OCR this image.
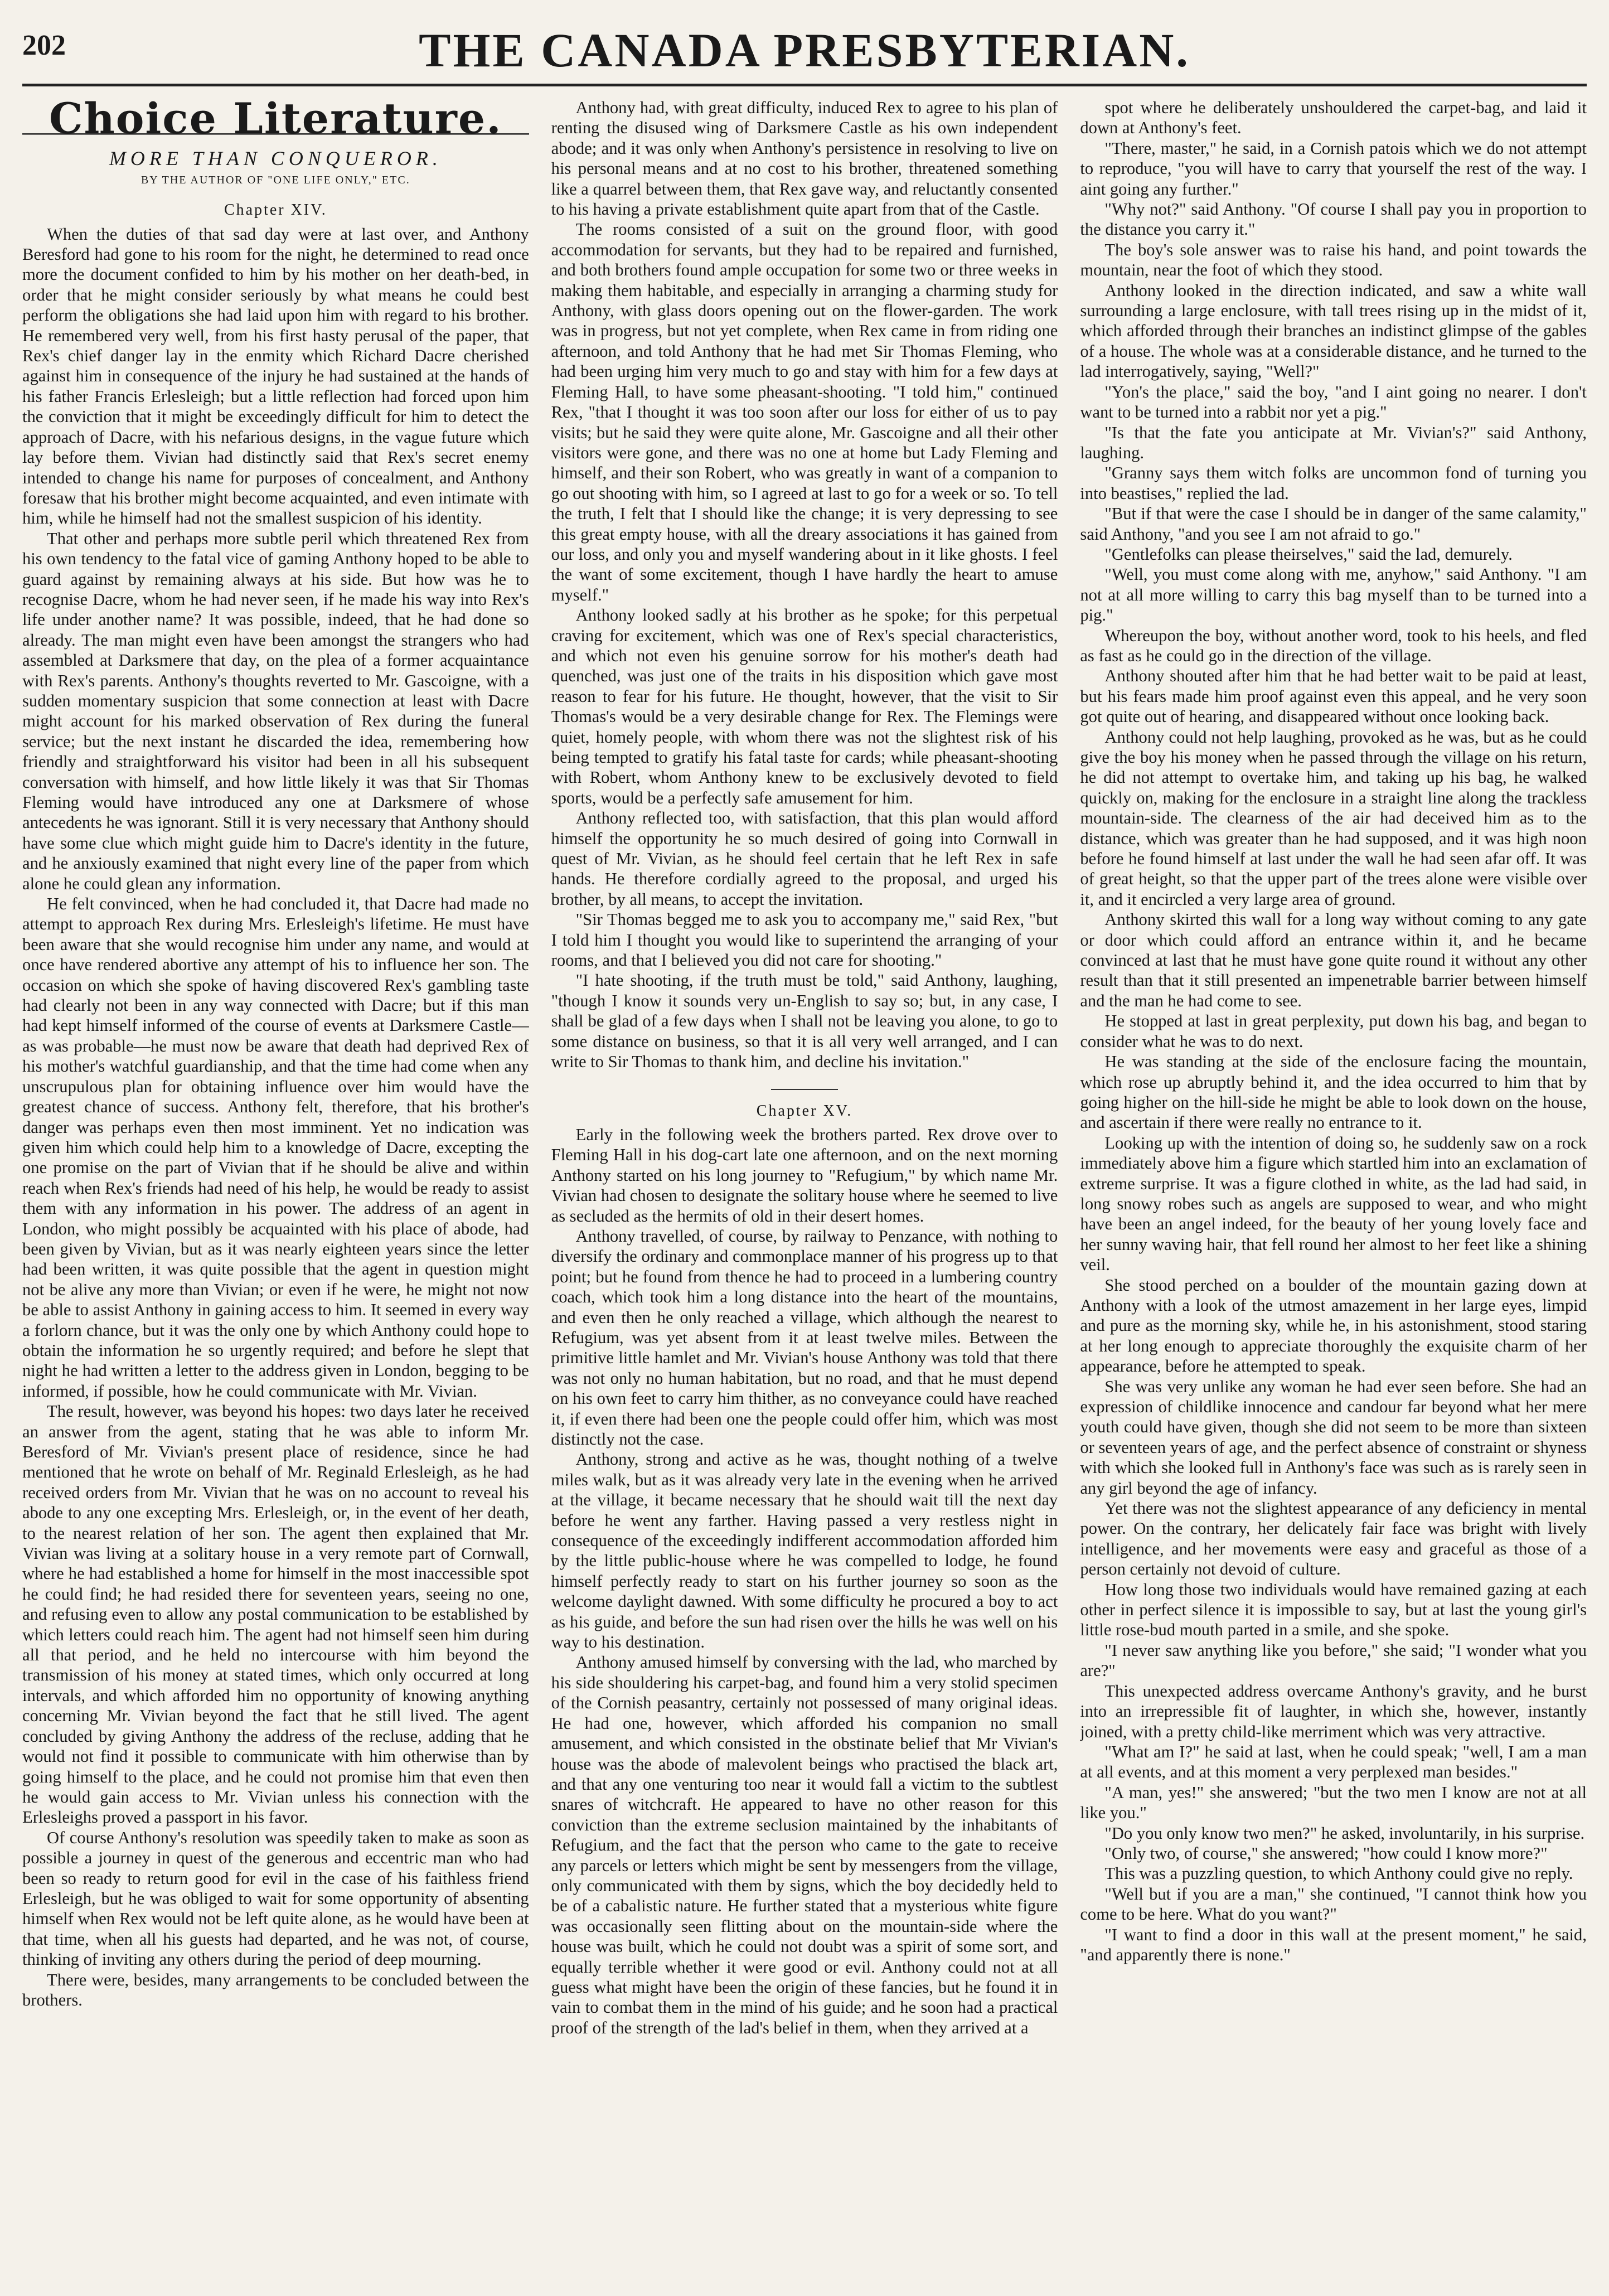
202	THE CANADA PRESBYTERIAN.
Choice Literature.
MORE THAN CONQUEROR.
BY THE AUTHOR OF "ONE LIFE ONLY," ETC.
Chapter XIV.

When the duties of that sad day were at last over, and Anthony Beresford had gone to his room for the night, he determined to read once more the document confided to him by his mother on her death-bed, in order that he might consider seriously by what means he could best perform the obligations she had laid upon him with regard to his brother. He remembered very well, from his first hasty perusal of the paper, that Rex's chief danger lay in the enmity which Richard Dacre cherished against him in consequence of the injury he had sustained at the hands of his father Francis Erlesleigh; but a little reflection had forced upon him the conviction that it might be exceedingly difficult for him to detect the approach of Dacre, with his nefarious designs, in the vague future which lay before them. Vivian had distinctly said that Rex's secret enemy intended to change his name for purposes of concealment, and Anthony foresaw that his brother might become acquainted, and even intimate with him, while he himself had not the smallest suspicion of his identity.

That other and perhaps more subtle peril which threatened Rex from his own tendency to the fatal vice of gaming Anthony hoped to be able to guard against by remaining always at his side. But how was he to recognise Dacre, whom he had never seen, if he made his way into Rex's life under another name? It was possible, indeed, that he had done so already. The man might even have been amongst the strangers who had assembled at Darksmere that day, on the plea of a former acquaintance with Rex's parents. Anthony's thoughts reverted to Mr. Gascoigne, with a sudden momentary suspicion that some connection at least with Dacre might account for his marked observation of Rex during the funeral service; but the next instant he discarded the idea, remembering how friendly and straightforward his visitor had been in all his subsequent conversation with himself, and how little likely it was that Sir Thomas Fleming would have introduced any one at Darksmere of whose antecedents he was ignorant. Still it is very necessary that Anthony should have some clue which might guide him to Dacre's identity in the future, and he anxiously examined that night every line of the paper from which alone he could glean any information.

He felt convinced, when he had concluded it, that Dacre had made no attempt to approach Rex during Mrs. Erlesleigh's lifetime. He must have been aware that she would recognise him under any name, and would at once have rendered abortive any attempt of his to influence her son. The occasion on which she spoke of having discovered Rex's gambling taste had clearly not been in any way connected with Dacre; but if this man had kept himself informed of the course of events at Darksmere Castle—as was probable—he must now be aware that death had deprived Rex of his mother's watchful guardianship, and that the time had come when any unscrupulous plan for obtaining influence over him would have the greatest chance of success. Anthony felt, therefore, that his brother's danger was perhaps even then most imminent. Yet no indication was given him which could help him to a knowledge of Dacre, excepting the one promise on the part of Vivian that if he should be alive and within reach when Rex's friends had need of his help, he would be ready to assist them with any information in his power. The address of an agent in London, who might possibly be acquainted with his place of abode, had been given by Vivian, but as it was nearly eighteen years since the letter had been written, it was quite possible that the agent in question might not be alive any more than Vivian; or even if he were, he might not now be able to assist Anthony in gaining access to him. It seemed in every way a forlorn chance, but it was the only one by which Anthony could hope to obtain the information he so urgently required; and before he slept that night he had written a letter to the address given in London, begging to be informed, if possible, how he could communicate with Mr. Vivian.

The result, however, was beyond his hopes: two days later he received an answer from the agent, stating that he was able to inform Mr. Beresford of Mr. Vivian's present place of residence, since he had mentioned that he wrote on behalf of Mr. Reginald Erlesleigh, as he had received orders from Mr. Vivian that he was on no account to reveal his abode to any one excepting Mrs. Erlesleigh, or, in the event of her death, to the nearest relation of her son. The agent then explained that Mr. Vivian was living at a solitary house in a very remote part of Cornwall, where he had established a home for himself in the most inaccessible spot he could find; he had resided there for seventeen years, seeing no one, and refusing even to allow any postal communication to be established by which letters could reach him. The agent had not himself seen him during all that period, and he held no intercourse with him beyond the transmission of his money at stated times, which only occurred at long intervals, and which afforded him no opportunity of knowing anything concerning Mr. Vivian beyond the fact that he still lived. The agent concluded by giving Anthony the address of the recluse, adding that he would not find it possible to communicate with him otherwise than by going himself to the place, and he could not promise him that even then he would gain access to Mr. Vivian unless his connection with the Erlesleighs proved a passport in his favor.

Of course Anthony's resolution was speedily taken to make as soon as possible a journey in quest of the generous and eccentric man who had been so ready to return good for evil in the case of his faithless friend Erlesleigh, but he was obliged to wait for some opportunity of absenting himself when Rex would not be left quite alone, as he would have been at that time, when all his guests had departed, and he was not, of course, thinking of inviting any others during the period of deep mourning.

There were, besides, many arrangements to be concluded between the brothers.

Anthony had, with great difficulty, induced Rex to agree to his plan of renting the disused wing of Darksmere Castle as his own independent abode; and it was only when Anthony's persistence in resolving to live on his personal means and at no cost to his brother, threatened something like a quarrel between them, that Rex gave way, and reluctantly consented to his having a private establishment quite apart from that of the Castle.

The rooms consisted of a suit on the ground floor, with good accommodation for servants, but they had to be repaired and furnished, and both brothers found ample occupation for some two or three weeks in making them habitable, and especially in arranging a charming study for Anthony, with glass doors opening out on the flower-garden. The work was in progress, but not yet complete, when Rex came in from riding one afternoon, and told Anthony that he had met Sir Thomas Fleming, who had been urging him very much to go and stay with him for a few days at Fleming Hall, to have some pheasant-shooting. "I told him," continued Rex, "that I thought it was too soon after our loss for either of us to pay visits; but he said they were quite alone, Mr. Gascoigne and all their other visitors were gone, and there was no one at home but Lady Fleming and himself, and their son Robert, who was greatly in want of a companion to go out shooting with him, so I agreed at last to go for a week or so. To tell the truth, I felt that I should like the change; it is very depressing to see this great empty house, with all the dreary associations it has gained from our loss, and only you and myself wandering about in it like ghosts. I feel the want of some excitement, though I have hardly the heart to amuse myself."

Anthony looked sadly at his brother as he spoke; for this perpetual craving for excitement, which was one of Rex's special characteristics, and which not even his genuine sorrow for his mother's death had quenched, was just one of the traits in his disposition which gave most reason to fear for his future. He thought, however, that the visit to Sir Thomas's would be a very desirable change for Rex. The Flemings were quiet, homely people, with whom there was not the slightest risk of his being tempted to gratify his fatal taste for cards; while pheasant-shooting with Robert, whom Anthony knew to be exclusively devoted to field sports, would be a perfectly safe amusement for him.

Anthony reflected too, with satisfaction, that this plan would afford himself the opportunity he so much desired of going into Cornwall in quest of Mr. Vivian, as he should feel certain that he left Rex in safe hands. He therefore cordially agreed to the proposal, and urged his brother, by all means, to accept the invitation.

"Sir Thomas begged me to ask you to accompany me," said Rex, "but I told him I thought you would like to superintend the arranging of your rooms, and that I believed you did not care for shooting."

"I hate shooting, if the truth must be told," said Anthony, laughing, "though I know it sounds very un-English to say so; but, in any case, I shall be glad of a few days when I shall not be leaving you alone, to go to some distance on business, so that it is all very well arranged, and I can write to Sir Thomas to thank him, and decline his invitation."

Chapter XV.

Early in the following week the brothers parted. Rex drove over to Fleming Hall in his dog-cart late one afternoon, and on the next morning Anthony started on his long journey to "Refugium," by which name Mr. Vivian had chosen to designate the solitary house where he seemed to live as secluded as the hermits of old in their desert homes.

Anthony travelled, of course, by railway to Penzance, with nothing to diversify the ordinary and commonplace manner of his progress up to that point; but he found from thence he had to proceed in a lumbering country coach, which took him a long distance into the heart of the mountains, and even then he only reached a village, which although the nearest to Refugium, was yet absent from it at least twelve miles. Between the primitive little hamlet and Mr. Vivian's house Anthony was told that there was not only no human habitation, but no road, and that he must depend on his own feet to carry him thither, as no conveyance could have reached it, if even there had been one the people could offer him, which was most distinctly not the case.

Anthony, strong and active as he was, thought nothing of a twelve miles walk, but as it was already very late in the evening when he arrived at the village, it became necessary that he should wait till the next day before he went any farther. Having passed a very restless night in consequence of the exceedingly indifferent accommodation afforded him by the little public-house where he was compelled to lodge, he found himself perfectly ready to start on his further journey so soon as the welcome daylight dawned. With some difficulty he procured a boy to act as his guide, and before the sun had risen over the hills he was well on his way to his destination.

Anthony amused himself by conversing with the lad, who marched by his side shouldering his carpet-bag, and found him a very stolid specimen of the Cornish peasantry, certainly not possessed of many original ideas. He had one, however, which afforded his companion no small amusement, and which consisted in the obstinate belief that Mr Vivian's house was the abode of malevolent beings who practised the black art, and that any one venturing too near it would fall a victim to the subtlest snares of witchcraft. He appeared to have no other reason for this conviction than the extreme seclusion maintained by the inhabitants of Refugium, and the fact that the person who came to the gate to receive any parcels or letters which might be sent by messengers from the village, only communicated with them by signs, which the boy decidedly held to be of a cabalistic nature. He further stated that a mysterious white figure was occasionally seen flitting about on the mountain-side where the house was built, which he could not doubt was a spirit of some sort, and equally terrible whether it were good or evil. Anthony could not at all guess what might have been the origin of these fancies, but he found it in vain to combat them in the mind of his guide; and he soon had a practical proof of the strength of the lad's belief in them, when they arrived at a

spot where he deliberately unshouldered the carpet-bag, and laid it down at Anthony's feet.

"There, master," he said, in a Cornish patois which we do not attempt to reproduce, "you will have to carry that yourself the rest of the way. I aint going any further."

"Why not?" said Anthony. "Of course I shall pay you in proportion to the distance you carry it."

The boy's sole answer was to raise his hand, and point towards the mountain, near the foot of which they stood.

Anthony looked in the direction indicated, and saw a white wall surrounding a large enclosure, with tall trees rising up in the midst of it, which afforded through their branches an indistinct glimpse of the gables of a house. The whole was at a considerable distance, and he turned to the lad interrogatively, saying, "Well?"

"Yon's the place," said the boy, "and I aint going no nearer. I don't want to be turned into a rabbit nor yet a pig."

"Is that the fate you anticipate at Mr. Vivian's?" said Anthony, laughing.

"Granny says them witch folks are uncommon fond of turning you into beastises," replied the lad.

"But if that were the case I should be in danger of the same calamity," said Anthony, "and you see I am not afraid to go."

"Gentlefolks can please theirselves," said the lad, demurely.

"Well, you must come along with me, anyhow," said Anthony. "I am not at all more willing to carry this bag myself than to be turned into a pig."

Whereupon the boy, without another word, took to his heels, and fled as fast as he could go in the direction of the village.

Anthony shouted after him that he had better wait to be paid at least, but his fears made him proof against even this appeal, and he very soon got quite out of hearing, and disappeared without once looking back.

Anthony could not help laughing, provoked as he was, but as he could give the boy his money when he passed through the village on his return, he did not attempt to overtake him, and taking up his bag, he walked quickly on, making for the enclosure in a straight line along the trackless mountain-side. The clearness of the air had deceived him as to the distance, which was greater than he had supposed, and it was high noon before he found himself at last under the wall he had seen afar off. It was of great height, so that the upper part of the trees alone were visible over it, and it encircled a very large area of ground.

Anthony skirted this wall for a long way without coming to any gate or door which could afford an entrance within it, and he became convinced at last that he must have gone quite round it without any other result than that it still presented an impenetrable barrier between himself and the man he had come to see.

He stopped at last in great perplexity, put down his bag, and began to consider what he was to do next.

He was standing at the side of the enclosure facing the mountain, which rose up abruptly behind it, and the idea occurred to him that by going higher on the hill-side he might be able to look down on the house, and ascertain if there were really no entrance to it.

Looking up with the intention of doing so, he suddenly saw on a rock immediately above him a figure which startled him into an exclamation of extreme surprise. It was a figure clothed in white, as the lad had said, in long snowy robes such as angels are supposed to wear, and who might have been an angel indeed, for the beauty of her young lovely face and her sunny waving hair, that fell round her almost to her feet like a shining veil.

She stood perched on a boulder of the mountain gazing down at Anthony with a look of the utmost amazement in her large eyes, limpid and pure as the morning sky, while he, in his astonishment, stood staring at her long enough to appreciate thoroughly the exquisite charm of her appearance, before he attempted to speak.

She was very unlike any woman he had ever seen before. She had an expression of childlike innocence and candour far beyond what her mere youth could have given, though she did not seem to be more than sixteen or seventeen years of age, and the perfect absence of constraint or shyness with which she looked full in Anthony's face was such as is rarely seen in any girl beyond the age of infancy.

Yet there was not the slightest appearance of any deficiency in mental power. On the contrary, her delicately fair face was bright with lively intelligence, and her movements were easy and graceful as those of a person certainly not devoid of culture.

How long those two individuals would have remained gazing at each other in perfect silence it is impossible to say, but at last the young girl's little rose-bud mouth parted in a smile, and she spoke.

"I never saw anything like you before," she said; "I wonder what you are?"

This unexpected address overcame Anthony's gravity, and he burst into an irrepressible fit of laughter, in which she, however, instantly joined, with a pretty child-like merriment which was very attractive.

"What am I?" he said at last, when he could speak; "well, I am a man at all events, and at this moment a very perplexed man besides."

"A man, yes!" she answered; "but the two men I know are not at all like you."

"Do you only know two men?" he asked, involuntarily, in his surprise.

"Only two, of course," she answered; "how could I know more?"

This was a puzzling question, to which Anthony could give no reply.

"Well but if you are a man," she continued, "I cannot think how you come to be here. What do you want?"

"I want to find a door in this wall at the present moment," he said, "and apparently there is none."
